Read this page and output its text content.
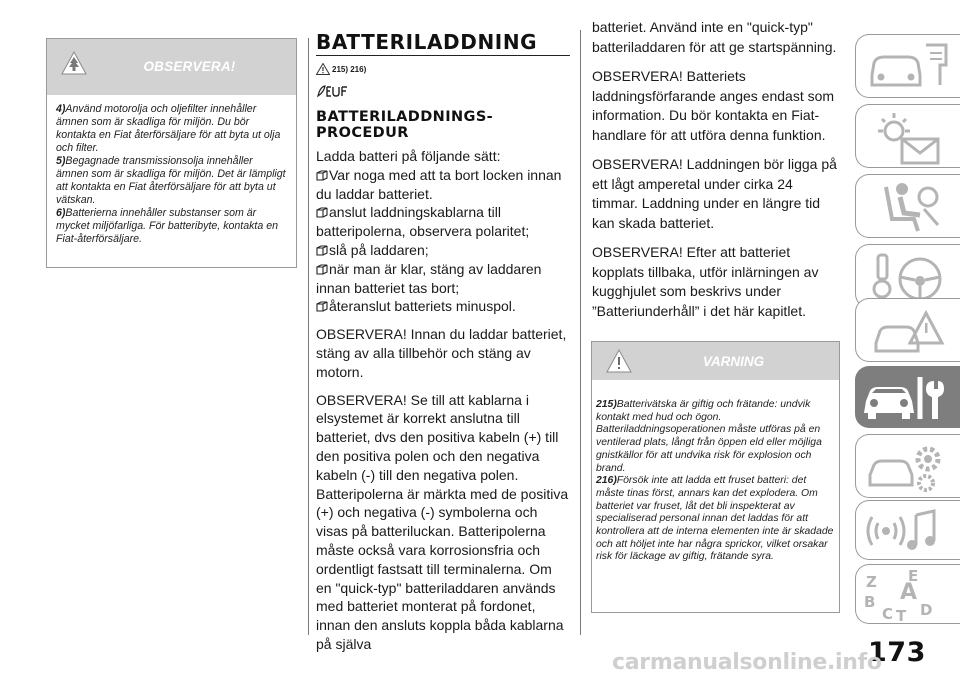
OBSERVERA!
4)Använd motorolja och oljefilter innehåller ämnen som är skadliga för miljön. Du bör kontakta en Fiat återförsäljare för att byta ut olja och filter.
5)Begagnade transmissionsolja innehåller ämnen som är skadliga för miljön. Det är lämpligt att kontakta en Fiat återförsäljare för att byta ut vätskan.
6)Batterierna innehåller substanser som är mycket miljöfarliga. För batteribyte, kontakta en Fiat-återförsäljare.
BATTERILADDNING
215) 216)
BATTERILADDNINGS-
PROCEDUR

Ladda batteri på följande sätt:

Var noga med att ta bort locken innan du laddar batteriet.

anslut laddningskablarna till batteripolerna, observera polaritet;

slå på laddaren;

när man är klar, stäng av laddaren innan batteriet tas bort;

återanslut batteriets minuspol.

OBSERVERA! Innan du laddar batteriet, stäng av alla tillbehör och stäng av motorn.

OBSERVERA! Se till att kablarna i elsystemet är korrekt anslutna till batteriet, dvs den positiva kabeln (+) till den positiva polen och den negativa kabeln (-) till den negativa polen. Batteripolerna är märkta med de positiva (+) och negativa (-) symbolerna och visas på batteriluckan. Batteripolerna måste också vara korrosionsfria och ordentligt fastsatt till terminalerna. Om en "quick-typ" batteriladdaren används med batteriet monterat på fordonet, innan den ansluts koppla båda kablarna på själva

batteriet. Använd inte en "quick-typ" batteriladdaren för att ge startspänning.

OBSERVERA! Batteriets laddningsförfarande anges endast som information. Du bör kontakta en Fiat-handlare för att utföra denna funktion.

OBSERVERA! Laddningen bör ligga på ett lågt amperetal under cirka 24 timmar. Laddning under en längre tid kan skada batteriet.

OBSERVERA! Efter att batteriet kopplats tillbaka, utför inlärningen av kugghjulet som beskrivs under ”Batteriunderhåll” i det här kapitlet.

VARNING
215)Batterivätska är giftig och frätande: undvik kontakt med hud och ögon. Batteriladdningsoperationen måste utföras på en ventilerad plats, långt från öppen eld eller möjliga gnistkällor för att undvika risk för explosion och brand.
216)Försök inte att ladda ett fruset batteri: det måste tinas först, annars kan det explodera. Om batteriet var fruset, låt det bli inspekterat av specialiserad personal innan det laddas för att kontrollera att de interna elementen inte är skadade och att höljet inte har några sprickor, vilket orsakar risk för läckage av giftig, frätande syra.
Z E
B A
C T D
173
carmanualsonline.info
